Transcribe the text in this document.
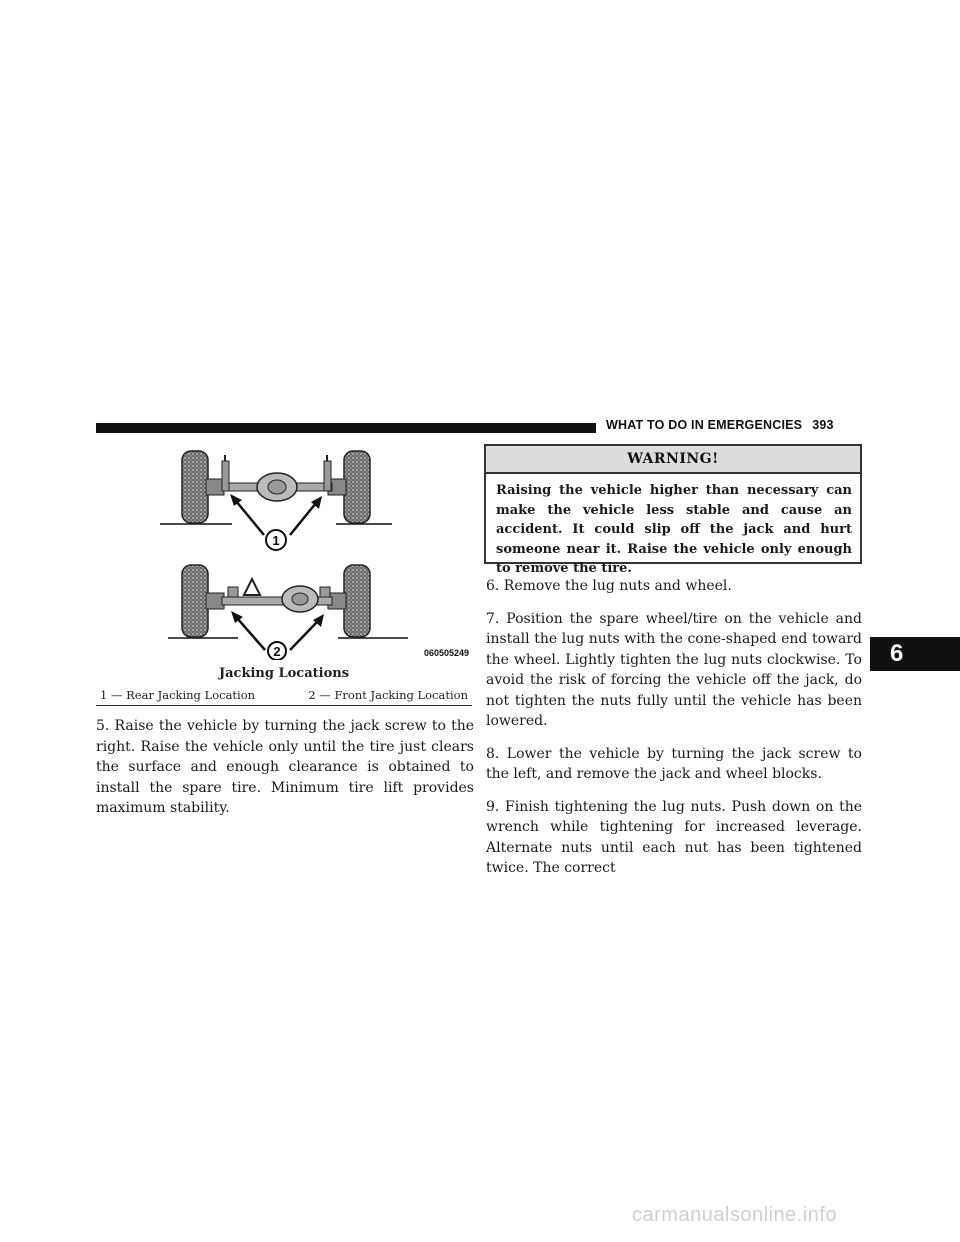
WHAT TO DO IN EMERGENCIES 393
1
2	060505249
Jacking Locations
1 — Rear Jacking Location	2 — Front Jacking Location

5. Raise the vehicle by turning the jack screw to the right. Raise the vehicle only until the tire just clears the surface and enough clearance is obtained to install the spare tire. Minimum tire lift provides maximum stability.

WARNING!
Raising the vehicle higher than necessary can make the vehicle less stable and cause an accident. It could slip off the jack and hurt someone near it. Raise the vehicle only enough to remove the tire.

6. Remove the lug nuts and wheel.

7. Position the spare wheel/tire on the vehicle and install the lug nuts with the cone-shaped end toward the wheel. Lightly tighten the lug nuts clockwise. To avoid the risk of forcing the vehicle off the jack, do not tighten the nuts fully until the vehicle has been lowered.

8. Lower the vehicle by turning the jack screw to the left, and remove the jack and wheel blocks.

9. Finish tightening the lug nuts. Push down on the wrench while tightening for increased leverage. Alternate nuts until each nut has been tightened twice. The correct

6
carmanualsonline.info
